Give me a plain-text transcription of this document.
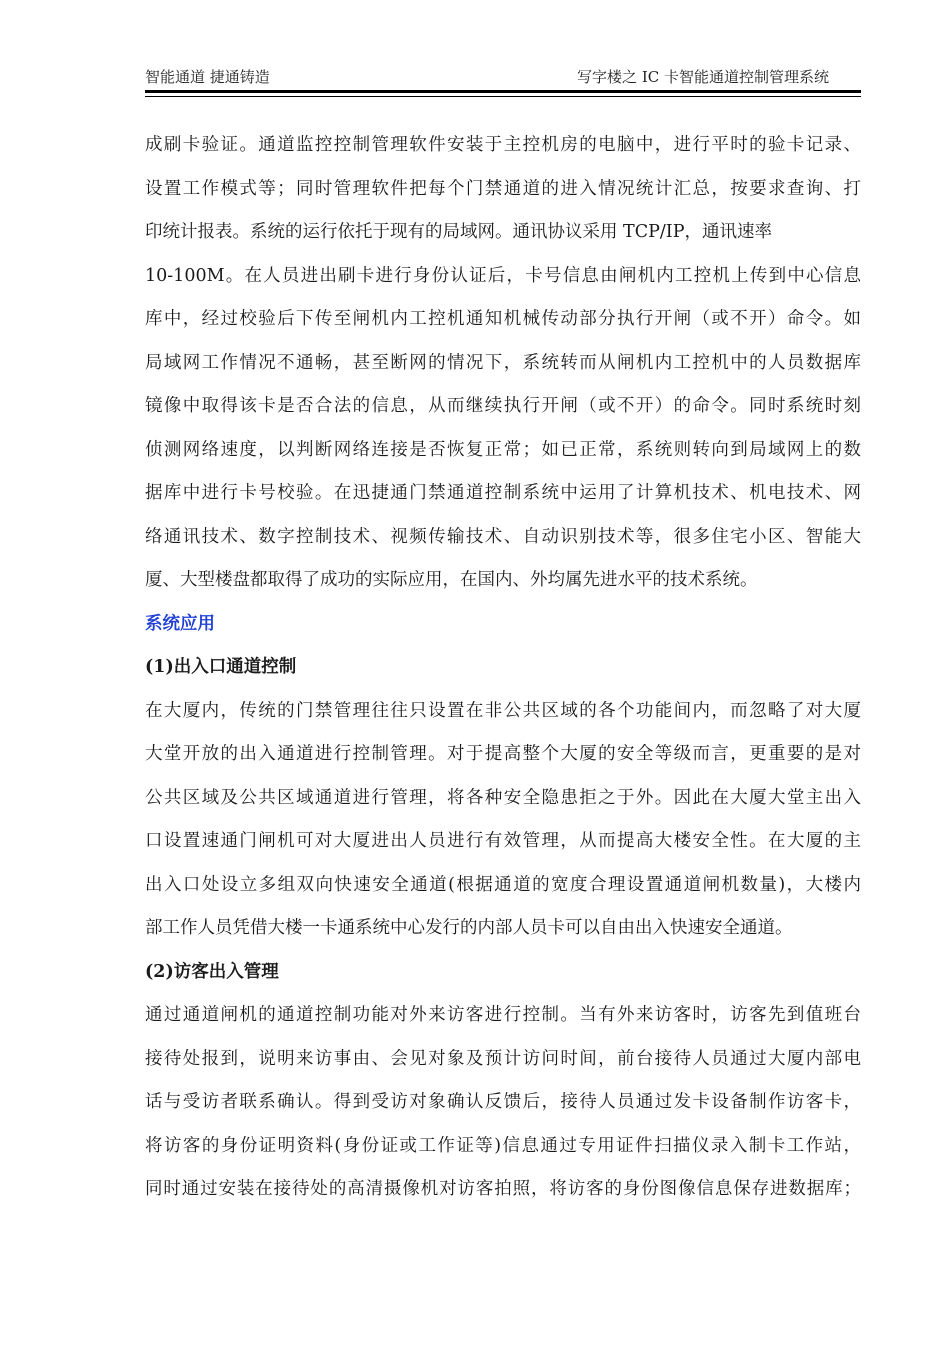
智能通道 捷通铸造	写字楼之 IC 卡智能通道控制管理系统
成刷卡验证。通道监控控制管理软件安装于主控机房的电脑中，进行平时的验卡记录、
设置工作模式等；同时管理软件把每个门禁通道的进入情况统计汇总，按要求查询、打
印统计报表。系统的运行依托于现有的局域网。通讯协议采用 TCP/IP，通讯速率
10-100M。在人员进出刷卡进行身份认证后，卡号信息由闸机内工控机上传到中心信息
库中，经过校验后下传至闸机内工控机通知机械传动部分执行开闸（或不开）命令。如
局域网工作情况不通畅，甚至断网的情况下，系统转而从闸机内工控机中的人员数据库
镜像中取得该卡是否合法的信息，从而继续执行开闸（或不开）的命令。同时系统时刻
侦测网络速度，以判断网络连接是否恢复正常；如已正常，系统则转向到局域网上的数
据库中进行卡号校验。在迅捷通门禁通道控制系统中运用了计算机技术、机电技术、网
络通讯技术、数字控制技术、视频传输技术、自动识别技术等，很多住宅小区、智能大
厦、大型楼盘都取得了成功的实际应用，在国内、外均属先进水平的技术系统。
系统应用
(1)出入口通道控制
在大厦内，传统的门禁管理往往只设置在非公共区域的各个功能间内，而忽略了对大厦
大堂开放的出入通道进行控制管理。对于提高整个大厦的安全等级而言，更重要的是对
公共区域及公共区域通道进行管理，将各种安全隐患拒之于外。因此在大厦大堂主出入
口设置速通门闸机可对大厦进出人员进行有效管理，从而提高大楼安全性。在大厦的主
出入口处设立多组双向快速安全通道(根据通道的宽度合理设置通道闸机数量)，大楼内
部工作人员凭借大楼一卡通系统中心发行的内部人员卡可以自由出入快速安全通道。
(2)访客出入管理
通过通道闸机的通道控制功能对外来访客进行控制。当有外来访客时，访客先到值班台
接待处报到，说明来访事由、会见对象及预计访问时间，前台接待人员通过大厦内部电
话与受访者联系确认。得到受访对象确认反馈后，接待人员通过发卡设备制作访客卡，
将访客的身份证明资料(身份证或工作证等)信息通过专用证件扫描仪录入制卡工作站，
同时通过安装在接待处的高清摄像机对访客拍照，将访客的身份图像信息保存进数据库；
